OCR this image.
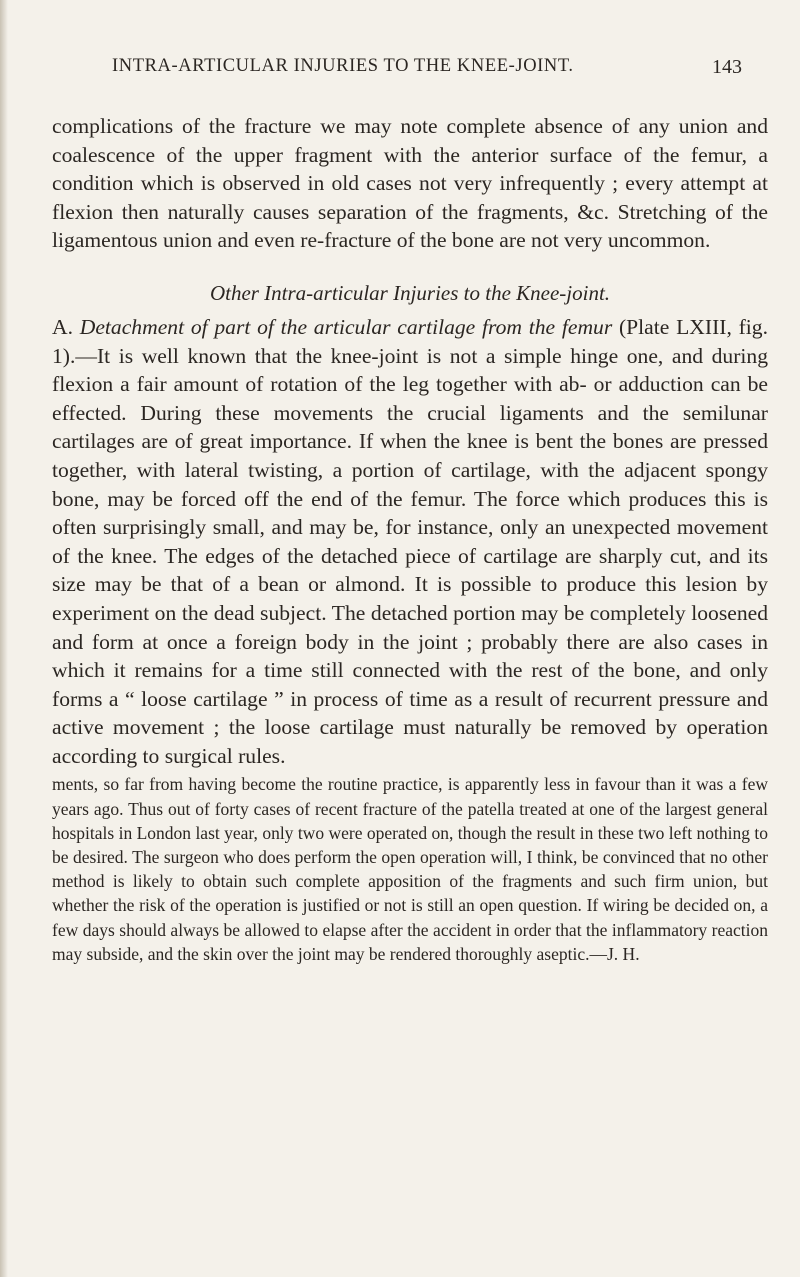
INTRA-ARTICULAR INJURIES TO THE KNEE-JOINT.	143

complications of the fracture we may note complete absence of any union and coalescence of the upper fragment with the anterior surface of the femur, a condition which is observed in old cases not very infrequently ; every attempt at flexion then naturally causes separation of the fragments, &c. Stretching of the ligamentous union and even re-fracture of the bone are not very uncommon.

Other Intra-articular Injuries to the Knee-joint.

A. Detachment of part of the articular cartilage from the femur (Plate LXIII, fig. 1).—It is well known that the knee-joint is not a simple hinge one, and during flexion a fair amount of rotation of the leg together with ab- or adduction can be effected. During these movements the crucial ligaments and the semilunar cartilages are of great importance. If when the knee is bent the bones are pressed together, with lateral twisting, a portion of cartilage, with the adjacent spongy bone, may be forced off the end of the femur. The force which produces this is often surprisingly small, and may be, for instance, only an unexpected movement of the knee. The edges of the detached piece of cartilage are sharply cut, and its size may be that of a bean or almond. It is possible to produce this lesion by experiment on the dead subject. The detached portion may be completely loosened and form at once a foreign body in the joint ; probably there are also cases in which it remains for a time still connected with the rest of the bone, and only forms a “ loose cartilage ” in process of time as a result of recurrent pressure and active movement ; the loose cartilage must naturally be removed by operation according to surgical rules.

ments, so far from having become the routine practice, is apparently less in favour than it was a few years ago. Thus out of forty cases of recent fracture of the patella treated at one of the largest general hospitals in London last year, only two were operated on, though the result in these two left nothing to be desired. The surgeon who does perform the open operation will, I think, be convinced that no other method is likely to obtain such complete apposition of the fragments and such firm union, but whether the risk of the operation is justified or not is still an open question. If wiring be decided on, a few days should always be allowed to elapse after the accident in order that the inflammatory reaction may subside, and the skin over the joint may be rendered thoroughly aseptic.—J. H.
